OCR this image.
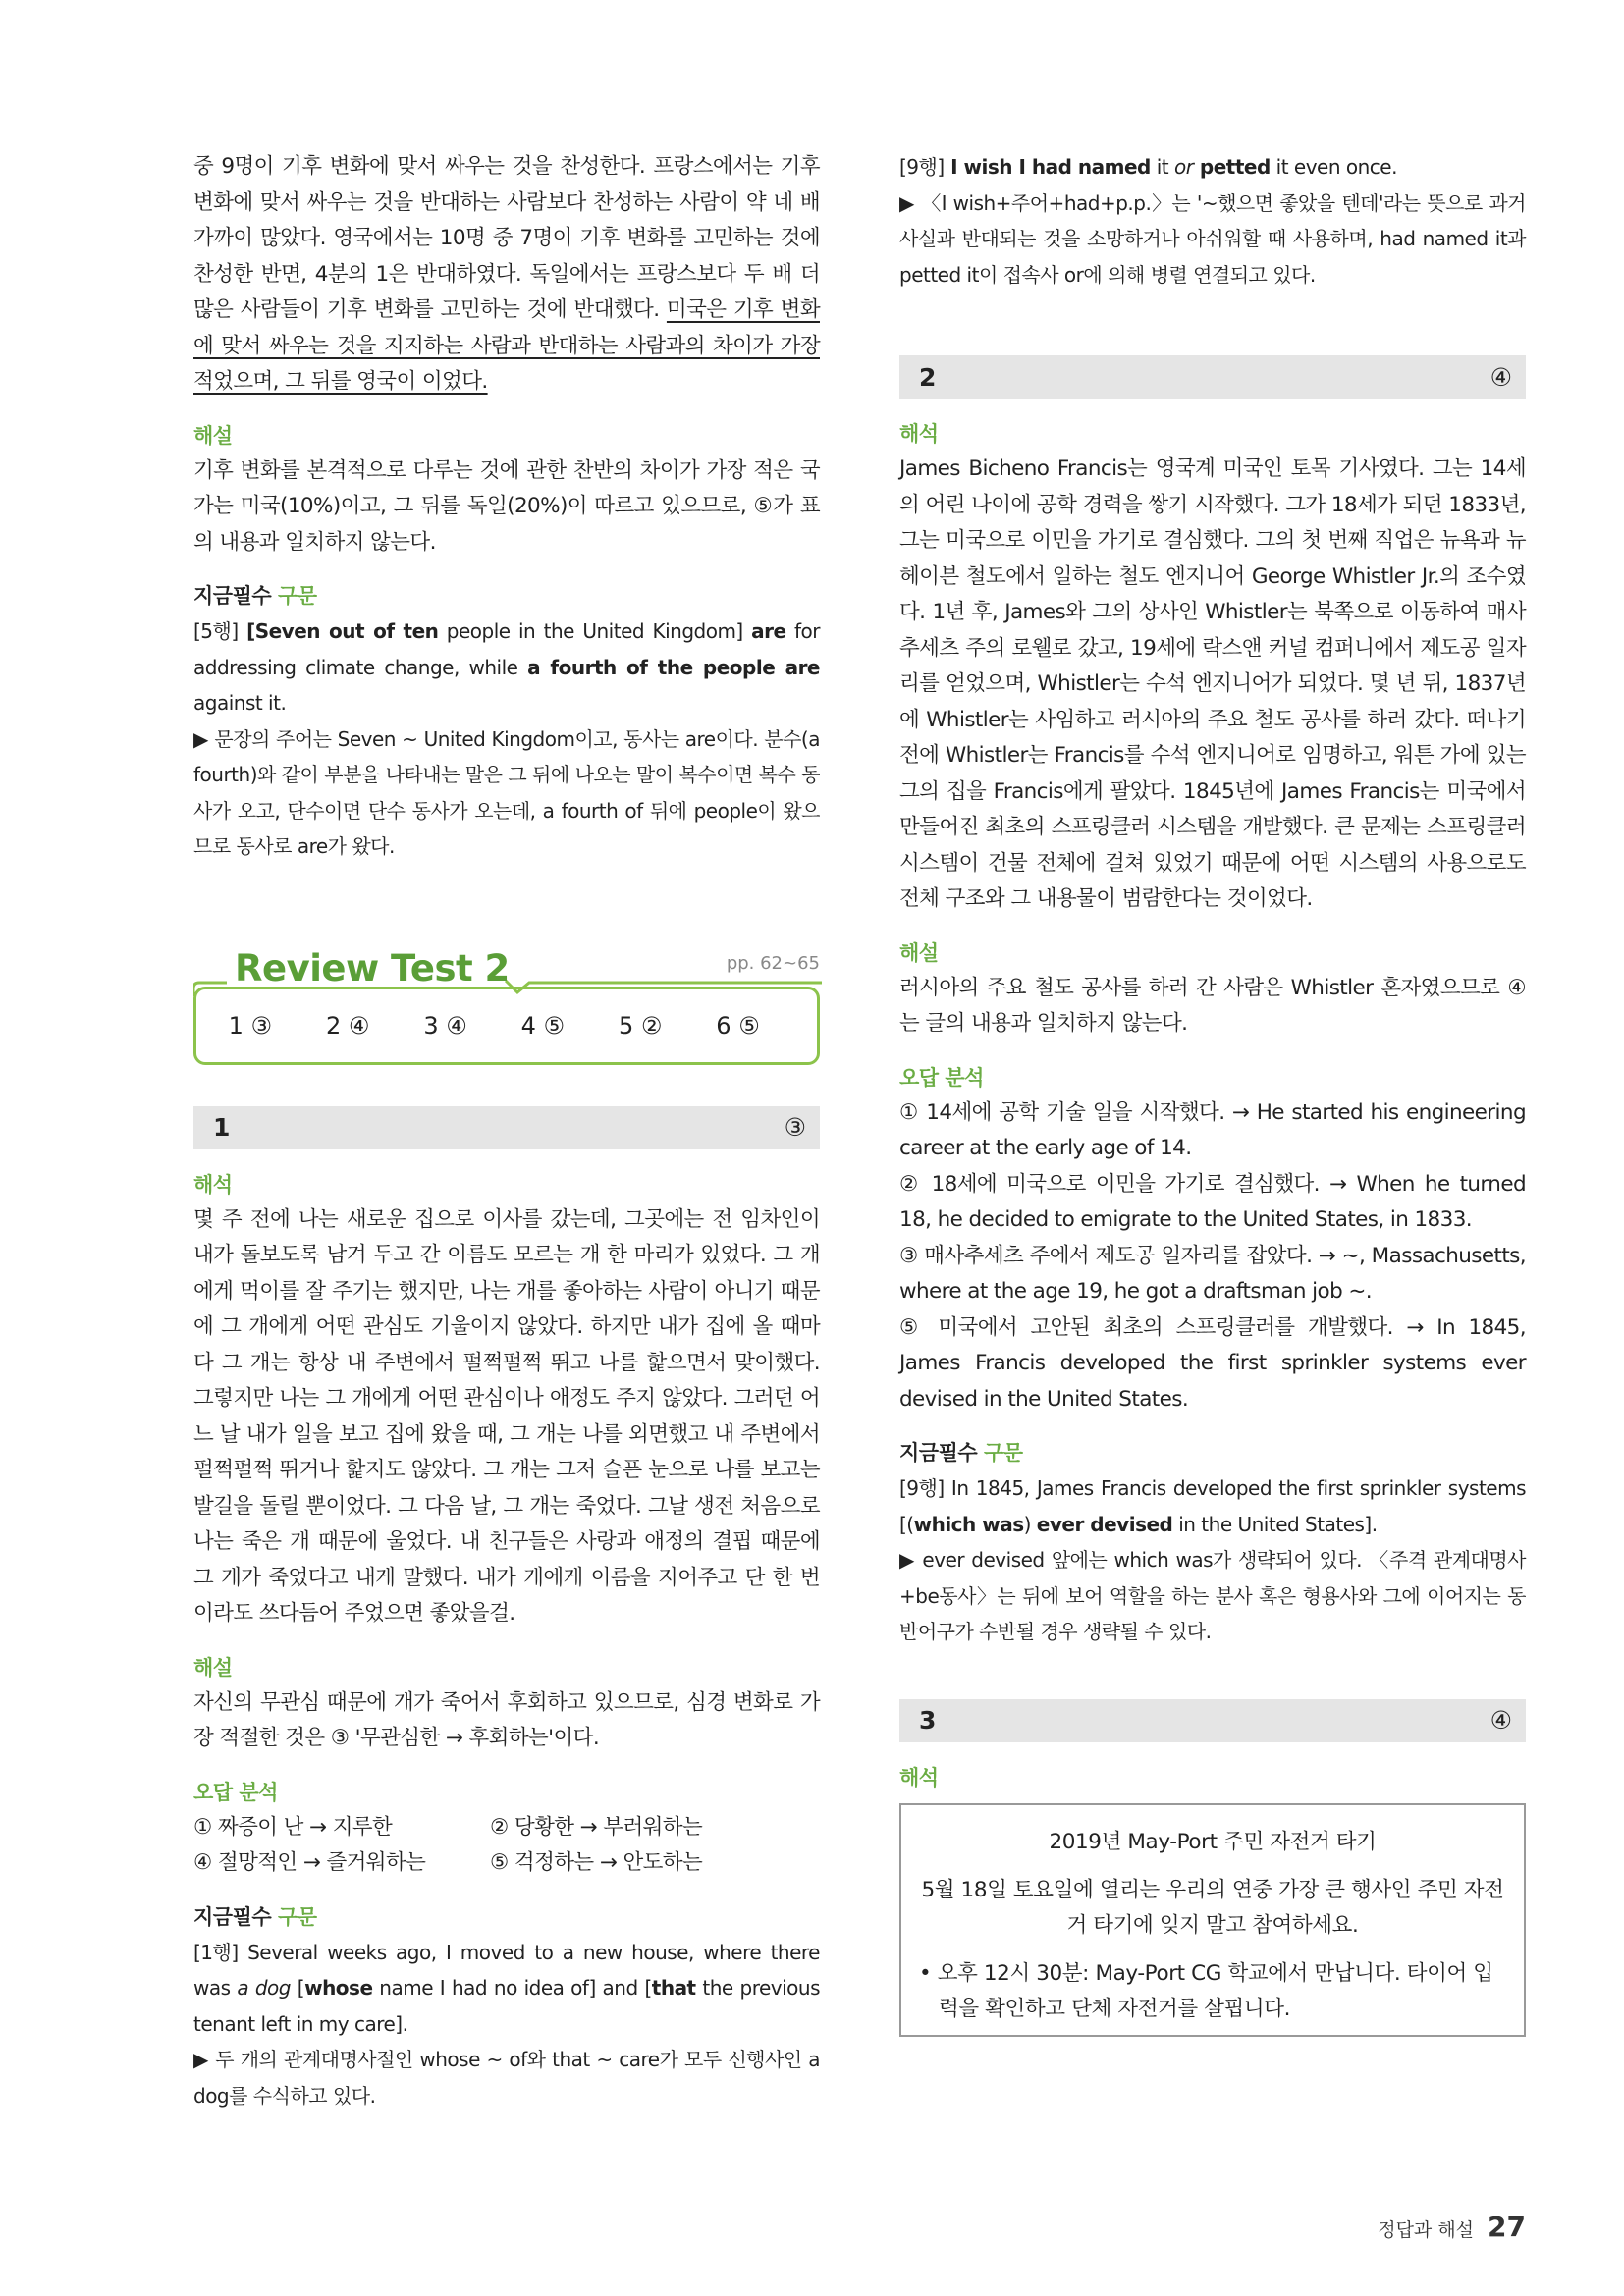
중 9명이 기후 변화에 맞서 싸우는 것을 찬성한다. 프랑스에서는 기후 변화에 맞서 싸우는 것을 반대하는 사람보다 찬성하는 사람이 약 네 배 가까이 많았다. 영국에서는 10명 중 7명이 기후 변화를 고민하는 것에 찬성한 반면, 4분의 1은 반대하였다. 독일에서는 프랑스보다 두 배 더 많은 사람들이 기후 변화를 고민하는 것에 반대했다. 미국은 기후 변화에 맞서 싸우는 것을 지지하는 사람과 반대하는 사람과의 차이가 가장 적었으며, 그 뒤를 영국이 이었다.

해설

기후 변화를 본격적으로 다루는 것에 관한 찬반의 차이가 가장 적은 국가는 미국(10%)이고, 그 뒤를 독일(20%)이 따르고 있으므로, ⑤가 표의 내용과 일치하지 않는다.

지금필수 구문

[5행] [Seven out of ten people in the United Kingdom] are for addressing climate change, while a fourth of the people are against it.

▶ 문장의 주어는 Seven ~ United Kingdom이고, 동사는 are이다. 분수(a fourth)와 같이 부분을 나타내는 말은 그 뒤에 나오는 말이 복수이면 복수 동사가 오고, 단수이면 단수 동사가 오는데, a fourth of 뒤에 people이 왔으므로 동사로 are가 왔다.

Review Test 2	pp. 62~65
1 ③	2 ④	3 ④	4 ⑤	5 ②	6 ⑤
1	③

해석

몇 주 전에 나는 새로운 집으로 이사를 갔는데, 그곳에는 전 임차인이 내가 돌보도록 남겨 두고 간 이름도 모르는 개 한 마리가 있었다. 그 개에게 먹이를 잘 주기는 했지만, 나는 개를 좋아하는 사람이 아니기 때문에 그 개에게 어떤 관심도 기울이지 않았다. 하지만 내가 집에 올 때마다 그 개는 항상 내 주변에서 펄쩍펄쩍 뛰고 나를 핥으면서 맞이했다. 그렇지만 나는 그 개에게 어떤 관심이나 애정도 주지 않았다. 그러던 어느 날 내가 일을 보고 집에 왔을 때, 그 개는 나를 외면했고 내 주변에서 펄쩍펄쩍 뛰거나 핥지도 않았다. 그 개는 그저 슬픈 눈으로 나를 보고는 발길을 돌릴 뿐이었다. 그 다음 날, 그 개는 죽었다. 그날 생전 처음으로 나는 죽은 개 때문에 울었다. 내 친구들은 사랑과 애정의 결핍 때문에 그 개가 죽었다고 내게 말했다. 내가 개에게 이름을 지어주고 단 한 번이라도 쓰다듬어 주었으면 좋았을걸.

해설

자신의 무관심 때문에 개가 죽어서 후회하고 있으므로, 심경 변화로 가장 적절한 것은 ③ '무관심한 → 후회하는'이다.

오답 분석

① 짜증이 난 → 지루한	② 당황한 → 부러워하는
④ 절망적인 → 즐거워하는	⑤ 걱정하는 → 안도하는

지금필수 구문

[1행] Several weeks ago, I moved to a new house, where there was a dog [whose name I had no idea of] and [that the previous tenant left in my care].

▶ 두 개의 관계대명사절인 whose ~ of와 that ~ care가 모두 선행사인 a dog를 수식하고 있다.

[9행] I wish I had named it or petted it even once.

▶ 〈I wish+주어+had+p.p.〉는 '~했으면 좋았을 텐데'라는 뜻으로 과거 사실과 반대되는 것을 소망하거나 아쉬워할 때 사용하며, had named it과 petted it이 접속사 or에 의해 병렬 연결되고 있다.

2	④

해석

James Bicheno Francis는 영국계 미국인 토목 기사였다. 그는 14세의 어린 나이에 공학 경력을 쌓기 시작했다. 그가 18세가 되던 1833년, 그는 미국으로 이민을 가기로 결심했다. 그의 첫 번째 직업은 뉴욕과 뉴 헤이븐 철도에서 일하는 철도 엔지니어 George Whistler Jr.의 조수였다. 1년 후, James와 그의 상사인 Whistler는 북쪽으로 이동하여 매사추세츠 주의 로웰로 갔고, 19세에 락스앤 커널 컴퍼니에서 제도공 일자리를 얻었으며, Whistler는 수석 엔지니어가 되었다. 몇 년 뒤, 1837년에 Whistler는 사임하고 러시아의 주요 철도 공사를 하러 갔다. 떠나기 전에 Whistler는 Francis를 수석 엔지니어로 임명하고, 워튼 가에 있는 그의 집을 Francis에게 팔았다. 1845년에 James Francis는 미국에서 만들어진 최초의 스프링클러 시스템을 개발했다. 큰 문제는 스프링클러 시스템이 건물 전체에 걸쳐 있었기 때문에 어떤 시스템의 사용으로도 전체 구조와 그 내용물이 범람한다는 것이었다.

해설

러시아의 주요 철도 공사를 하러 간 사람은 Whistler 혼자였으므로 ④는 글의 내용과 일치하지 않는다.

오답 분석

① 14세에 공학 기술 일을 시작했다. → He started his engineering career at the early age of 14.

② 18세에 미국으로 이민을 가기로 결심했다. → When he turned 18, he decided to emigrate to the United States, in 1833.

③ 매사추세츠 주에서 제도공 일자리를 잡았다. → ~, Massachusetts, where at the age 19, he got a draftsman job ~.

⑤ 미국에서 고안된 최초의 스프링클러를 개발했다. → In 1845, James Francis developed the first sprinkler systems ever devised in the United States.

지금필수 구문

[9행] In 1845, James Francis developed the first sprinkler systems [(which was) ever devised in the United States].

▶ ever devised 앞에는 which was가 생략되어 있다. 〈주격 관계대명사+be동사〉는 뒤에 보어 역할을 하는 분사 혹은 형용사와 그에 이어지는 동반어구가 수반될 경우 생략될 수 있다.

3	④

해석

2019년 May-Port 주민 자전거 타기
5월 18일 토요일에 열리는 우리의 연중 가장 큰 행사인 주민 자전거 타기에 잊지 말고 참여하세요.
• 오후 12시 30분: May-Port CG 학교에서 만납니다. 타이어 입력을 확인하고 단체 자전거를 살핍니다.
정답과 해설 27
